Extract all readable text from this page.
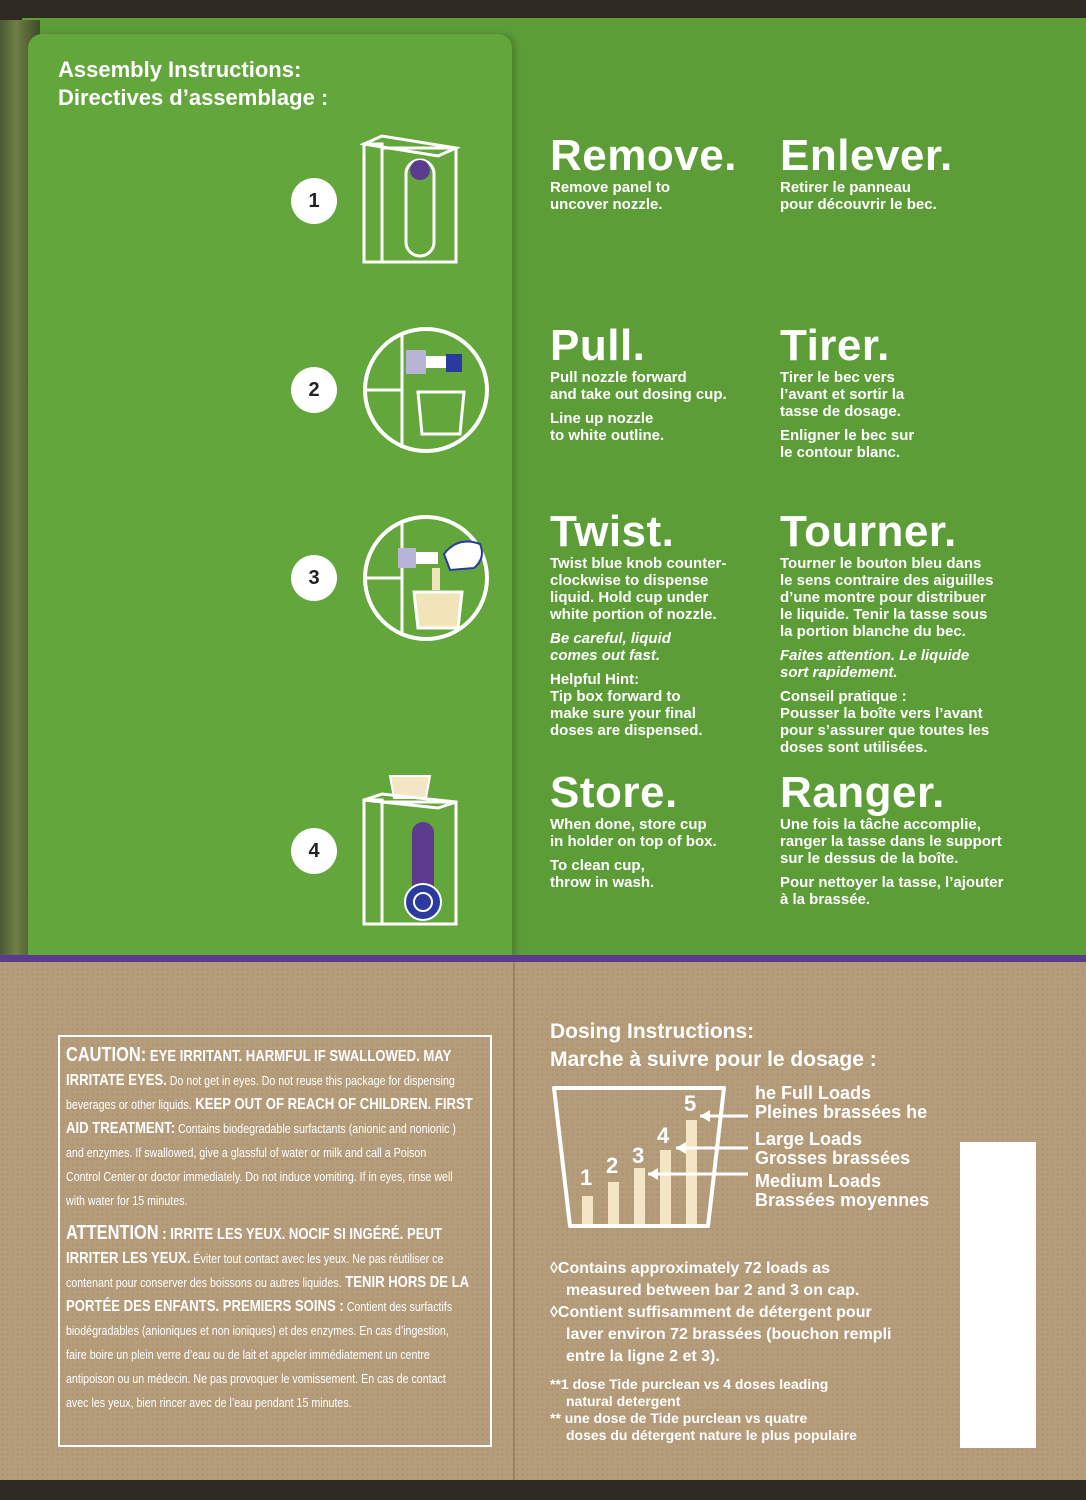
Assembly Instructions:
Directives d’assemblage :
1
2
3
4
Remove.
Remove panel to
uncover nozzle.
Enlever.
Retirer le panneau
pour découvrir le bec.
Pull.
Pull nozzle forward
and take out dosing cup.
Line up nozzle
to white outline.
Tirer.
Tirer le bec vers
l’avant et sortir la
tasse de dosage.
Enligner le bec sur
le contour blanc.
Twist.
Twist blue knob counter-
clockwise to dispense
liquid. Hold cup under
white portion of nozzle.
Be careful, liquid
comes out fast.
Helpful Hint:
Tip box forward to
make sure your final
doses are dispensed.
Tourner.
Tourner le bouton bleu dans
le sens contraire des aiguilles
d’une montre pour distribuer
le liquide. Tenir la tasse sous
la portion blanche du bec.
Faites attention. Le liquide
sort rapidement.
Conseil pratique :
Pousser la boîte vers l’avant
pour s’assurer que toutes les
doses sont utilisées.
Store.
When done, store cup
in holder on top of box.
To clean cup,
throw in wash.
Ranger.
Une fois la tâche accomplie,
ranger la tasse dans le support
sur le dessus de la boîte.
Pour nettoyer la tasse, l’ajouter
à la brassée.

CAUTION: EYE IRRITANT. HARMFUL IF SWALLOWED. MAY

IRRITATE EYES. Do not get in eyes. Do not reuse this package for dispensing

beverages or other liquids. KEEP OUT OF REACH OF CHILDREN. FIRST

AID TREATMENT: Contains biodegradable surfactants (anionic and nonionic )

and enzymes. If swallowed, give a glassful of water or milk and call a Poison

Control Center or doctor immediately. Do not induce vomiting. If in eyes, rinse well

with water for 15 minutes.

ATTENTION : IRRITE LES YEUX. NOCIF SI INGÉRÉ. PEUT

IRRITER LES YEUX. Éviter tout contact avec les yeux. Ne pas réutiliser ce

contenant pour conserver des boissons ou autres liquides. TENIR HORS DE LA

PORTÉE DES ENFANTS. PREMIERS SOINS : Contient des surfactifs

biodégradables (anioniques et non ioniques) et des enzymes. En cas d’ingestion,

faire boire un plein verre d’eau ou de lait et appeler immédiatement un centre

antipoison ou un médecin. Ne pas provoquer le vomissement. En cas de contact

avec les yeux, bien rincer avec de l’eau pendant 15 minutes.

Dosing Instructions:
Marche à suivre pour le dosage :
1 2 3
4
5	he Full Loads
Pleines brassées he
Large Loads
Grosses brassées
Medium Loads
Brassées moyennes
◊Contains approximately 72 loads as
measured between bar 2 and 3 on cap.
◊Contient suffisamment de détergent pour
laver environ 72 brassées (bouchon rempli
entre la ligne 2 et 3).
**1 dose Tide purclean vs 4 doses leading
natural detergent
** une dose de Tide purclean vs quatre
doses du détergent nature le plus populaire
